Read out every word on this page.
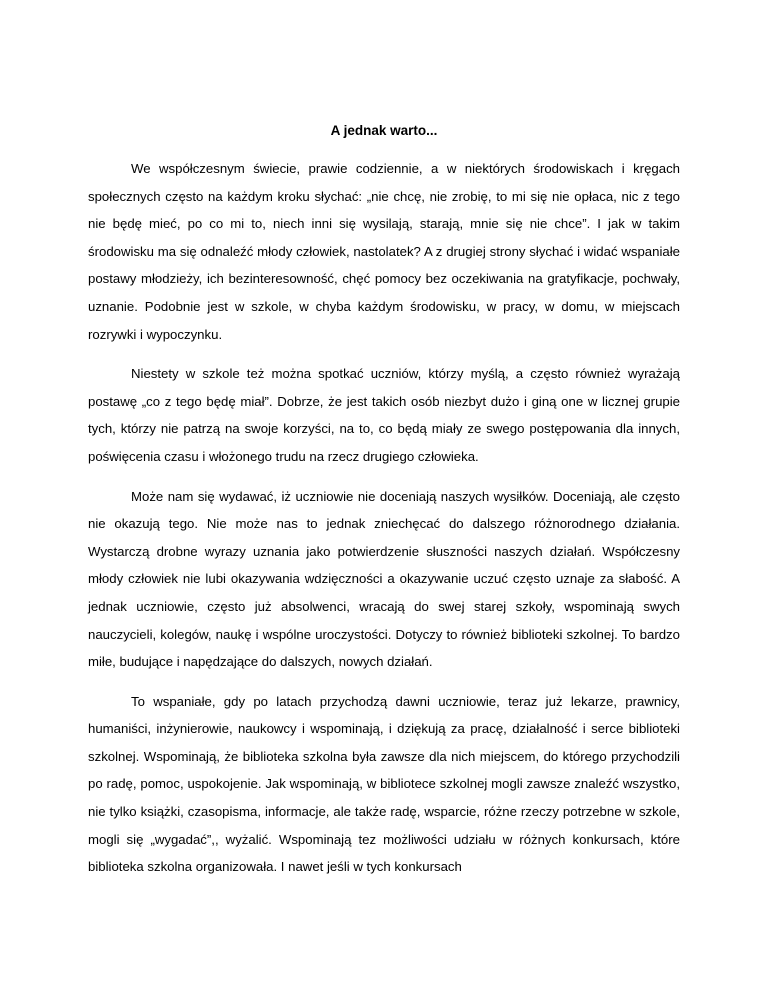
A jednak warto...

We współczesnym świecie, prawie codziennie, a w niektórych środowiskach i kręgach społecznych często na każdym kroku słychać: „nie chcę, nie zrobię, to mi się nie opłaca, nic z tego nie będę mieć, po co mi to, niech inni się wysilają, starają, mnie się nie chce”. I jak w takim środowisku ma się odnaleźć młody człowiek, nastolatek? A z drugiej strony słychać i widać wspaniałe postawy młodzieży, ich bezinteresowność, chęć pomocy bez oczekiwania na gratyfikacje, pochwały, uznanie. Podobnie jest w szkole, w chyba każdym środowisku, w pracy, w domu, w miejscach rozrywki i wypoczynku.

Niestety w szkole też można spotkać uczniów, którzy myślą, a często również wyrażają postawę „co z tego będę miał”. Dobrze, że jest takich osób niezbyt dużo i giną one w licznej grupie tych, którzy nie patrzą na swoje korzyści, na to, co będą miały ze swego postępowania dla innych, poświęcenia czasu i włożonego trudu na rzecz drugiego człowieka.

Może nam się wydawać, iż uczniowie nie doceniają naszych wysiłków. Doceniają, ale często nie okazują tego. Nie może nas to jednak zniechęcać do dalszego różnorodnego działania. Wystarczą drobne wyrazy uznania jako potwierdzenie słuszności naszych działań. Współczesny młody człowiek nie lubi okazywania wdzięczności a okazywanie uczuć często uznaje za słabość. A jednak uczniowie, często już absolwenci, wracają do swej starej szkoły, wspominają swych nauczycieli, kolegów, naukę i wspólne uroczystości. Dotyczy to również biblioteki szkolnej. To bardzo miłe, budujące i napędzające do dalszych, nowych działań.

To wspaniałe, gdy po latach przychodzą dawni uczniowie, teraz już lekarze, prawnicy, humaniści, inżynierowie, naukowcy i wspominają, i dziękują za pracę, działalność i serce biblioteki szkolnej. Wspominają, że biblioteka szkolna była zawsze dla nich miejscem, do którego przychodzili po radę, pomoc, uspokojenie. Jak wspominają, w bibliotece szkolnej mogli zawsze znaleźć wszystko, nie tylko książki, czasopisma, informacje, ale także radę, wsparcie, różne rzeczy potrzebne w szkole, mogli się „wygadać”,, wyżalić. Wspominają tez możliwości udziału w różnych konkursach, które biblioteka szkolna organizowała. I nawet jeśli w tych konkursach
